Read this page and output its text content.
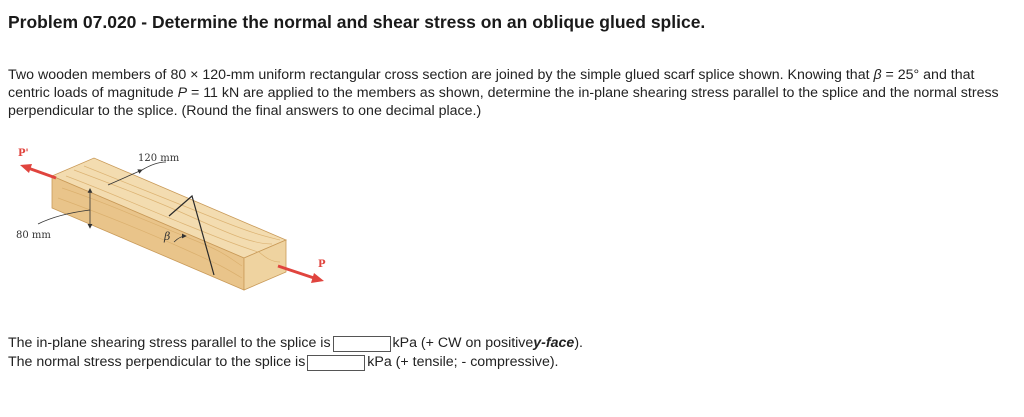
Problem 07.020 - Determine the normal and shear stress on an oblique glued splice.
Two wooden members of 80 × 120-mm uniform rectangular cross section are joined by the simple glued scarf splice shown. Knowing that β = 25° and that centric loads of magnitude P = 11 kN are applied to the members as shown, determine the in-plane shearing stress parallel to the splice and the normal stress perpendicular to the splice. (Round the final answers to one decimal place.)
P'
P
120 mm
80 mm	β
The in-plane shearing stress parallel to the splice is	kPa (+ CW on positive y-face ).
The normal stress perpendicular to the splice is	kPa (+ tensile; - compressive).
